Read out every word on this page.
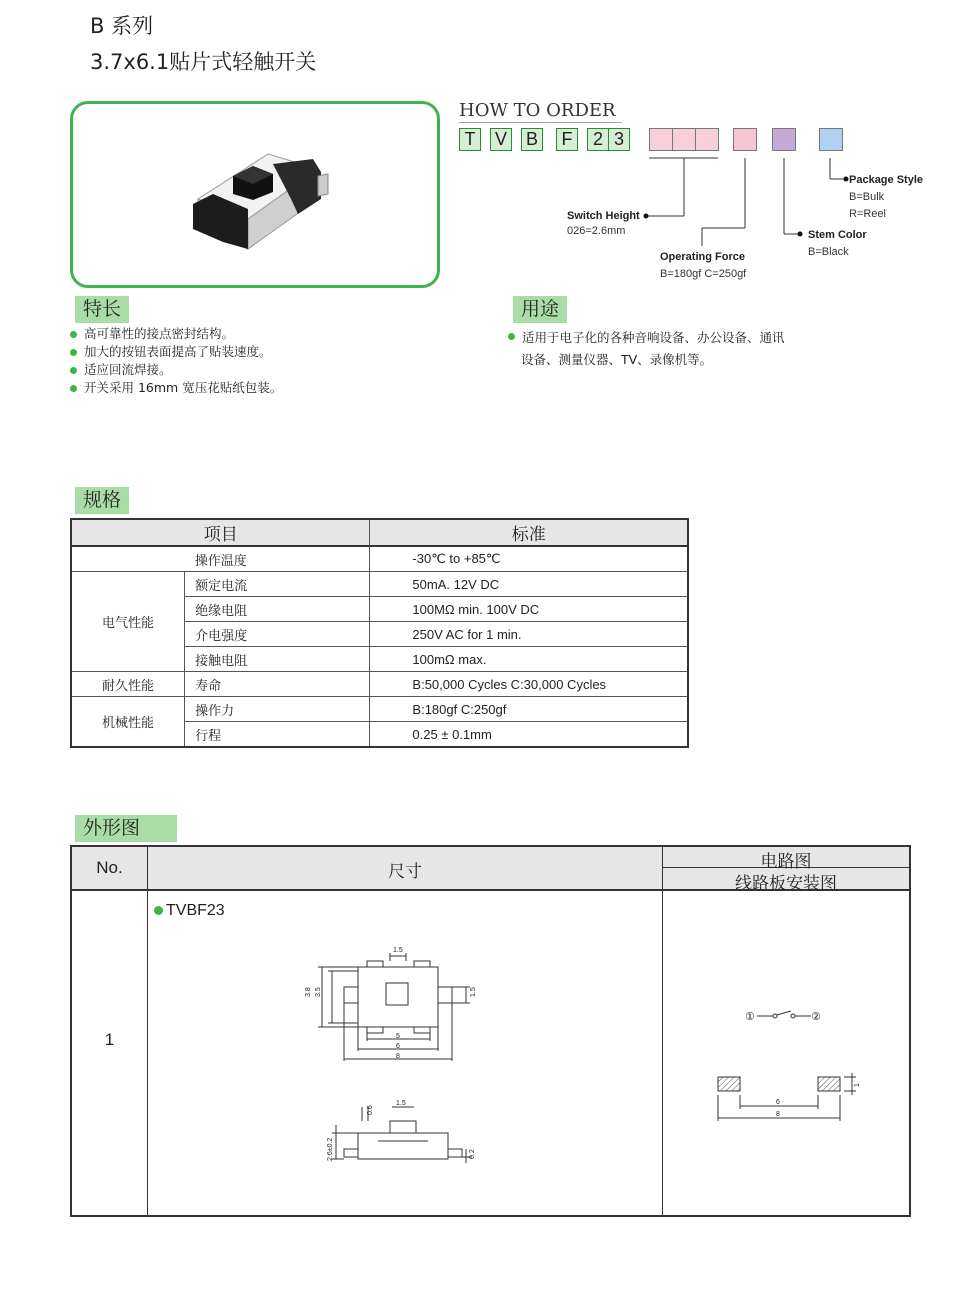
B 系列
3.7x6.1贴片式轻触开关
HOW TO ORDER
T	V B	F	2 3
Switch Height
026=2.6mm
Operating Force
B=180gf C=250gf
Stem Color
B=Black
Package Style
B=Bulk
R=Reel
特长
高可靠性的接点密封结构。
加大的按钮表面提高了贴装速度。
适应回流焊接。
开关采用 16mm 宽压花贴纸包装。
用途
适用于电子化的各种音响设备、办公设备、通讯
设备、测量仪器、TV、录像机等。
规格
项目		标准
操作温度		-30℃ to +85℃
电气性能	额定电流	50mA. 12V DC
	绝缘电阻	100MΩ min. 100V DC
	介电强度	250V AC for 1 min.
	接触电阻	100mΩ max.
耐久性能	寿命	B:50,000 Cycles C:30,000 Cycles
机械性能	操作力	B:180gf C:250gf
	行程	0.25 ± 0.1mm
外形图
No.	尺寸	电路图
线路板安装图
1
TVBF23
1.5
3.8 3.5	1.5
5
6
8
0.6
1.5
2.6±0.2	0.2
①	②
6
8
1
